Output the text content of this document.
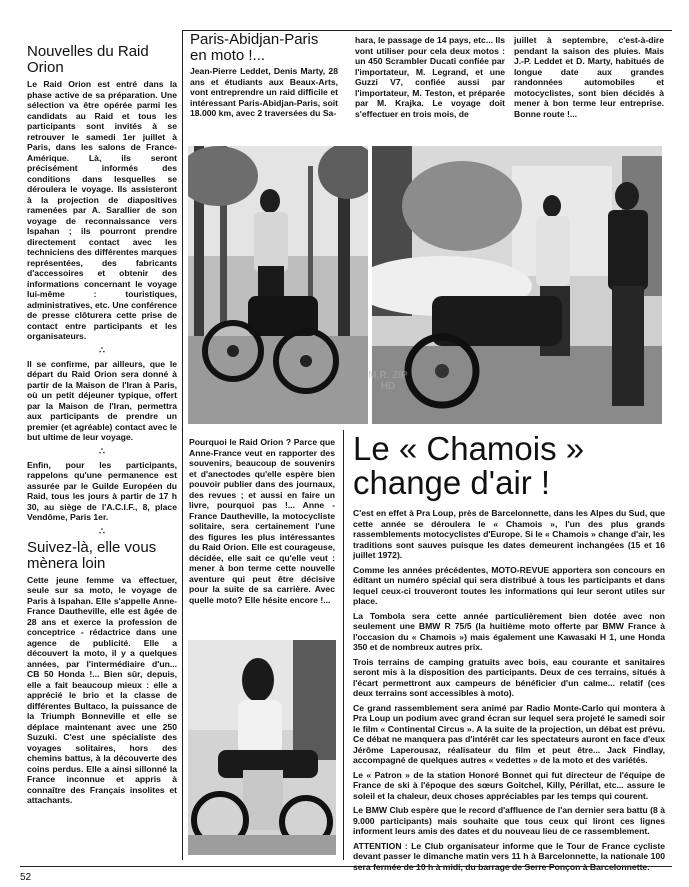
Nouvelles du Raid Orion

Le Raid Orion est entré dans la phase active de sa préparation. Une sélection va être opérée parmi les candidats au Raid et tous les participants sont invités à se retrouver le samedi 1er juillet à Paris, dans les salons de France-Amérique. Là, ils seront précisément informés des conditions dans lesquelles se déroulera le voyage. Ils assisteront à la projection de diapositives ramenées par A. Sarallier de son voyage de reconnaissance vers Ispahan ; ils pourront prendre directement contact avec les techniciens des différentes marques représentées, des fabricants d'accessoires et obtenir des informations concernant le voyage lui-même : touristiques, administratives, etc. Une conférence de presse clôturera cette prise de contact entre participants et les organisateurs.

∴

Il se confirme, par ailleurs, que le départ du Raid Orion sera donné à partir de la Maison de l'Iran à Paris, où un petit déjeuner typique, offert par la Maison de l'Iran, permettra aux participants de prendre un premier (et agréable) contact avec le but ultime de leur voyage.

∴

Enfin, pour les participants, rappelons qu'une permanence est assurée par le Guilde Européen du Raid, tous les jours à partir de 17 h 30, au siège de l'A.C.I.F., 8, place Vendôme, Paris 1er.

∴
Suivez-là, elle vous mènera loin

Cette jeune femme va effectuer, seule sur sa moto, le voyage de Paris à Ispahan. Elle s'appelle Anne-France Dautheville, elle est âgée de 28 ans et exerce la profession de conceptrice - rédactrice dans une agence de publicité. Elle a découvert la moto, il y a quelques années, par l'intermédiaire d'un... CB 50 Honda !... Bien sûr, depuis, elle a fait beaucoup mieux : elle a apprécié le brio et la classe de différentes Bultaco, la puissance de la Triumph Bonneville et elle se déplace maintenant avec une 250 Suzuki. C'est une spécialiste des voyages solitaires, hors des chemins battus, à la découverte des coins perdus. Elle a ainsi sillonné la France inconnue et appris à connaître des Français insolites et attachants.

Paris-Abidjan-Paris en moto !...

Jean-Pierre Leddet, Denis Marty, 28 ans et étudiants aux Beaux-Arts, vont entreprendre un raid difficile et intéressant Paris-Abidjan-Paris, soit 18.000 km, avec 2 traversées du Sa-

hara, le passage de 14 pays, etc... Ils vont utiliser pour cela deux motos : un 450 Scrambler Ducati confiée par l'importateur, M. Legrand, et une Guzzi V7, confiée aussi par l'importateur, M. Teston, et préparée par M. Krajka. Le voyage doit s'effectuer en trois mois, de

juillet à septembre, c'est-à-dire pendant la saison des pluies. Mais J.-P. Leddet et D. Marty, habitués de longue date aux grandes randonnées automobiles et motocyclistes, sont bien décidés à mener à bon terme leur entreprise. Bonne route !...

Pourquoi le Raid Orion ? Parce que Anne-France veut en rapporter des souvenirs, beaucoup de souvenirs et d'anectodes qu'elle espère bien pouvoir publier dans des journaux, des revues ; et aussi en faire un livre, pourquoi pas !... Anne - France Dautheville, la motocycliste solitaire, sera certainement l'une des figures les plus intéressantes du Raid Orion. Elle est courageuse, décidée, elle sait ce qu'elle veut : mener à bon terme cette nouvelle aventure qui peut être décisive pour la suite de sa carrière. Avec quelle moto? Elle hésite encore !...

Le « Chamois » change d'air !

C'est en effet à Pra Loup, près de Barcelonnette, dans les Alpes du Sud, que cette année se déroulera le « Chamois », l'un des plus grands rassemblements motocyclistes d'Europe. Si le « Chamois » change d'air, les traditions sont sauves puisque les dates demeurent inchangées (15 et 16 juillet 1972).

Comme les années précédentes, MOTO-REVUE apportera son concours en éditant un numéro spécial qui sera distribué à tous les participants et dans lequel ceux-ci trouveront toutes les informations qui leur seront utiles sur place.

La Tombola sera cette année particulièrement bien dotée avec non seulement une BMW R 75/5 (la huitième moto offerte par BMW France à l'occasion du « Chamois ») mais également une Kawasaki H 1, une Honda 350 et de nombreux autres prix.

Trois terrains de camping gratuits avec bois, eau courante et sanitaires seront mis à la disposition des participants. Deux de ces terrains, situés à l'écart permettront aux campeurs de bénéficier d'un calme... relatif (ces deux terrains sont accessibles à moto).

Ce grand rassemblement sera animé par Radio Monte-Carlo qui montera à Pra Loup un podium avec grand écran sur lequel sera projeté le samedi soir le film « Continental Circus ». A la suite de la projection, un débat est prévu. Ce débat ne manquera pas d'intérêt car les spectateurs auront en face d'eux Jérôme Laperousaz, réalisateur du film et peut être... Jack Findlay, accompagné de quelques autres « vedettes » de la moto et des variétés.

Le « Patron » de la station Honoré Bonnet qui fut directeur de l'équipe de France de ski à l'époque des sœurs Goitchel, Killy, Périllat, etc... assure le soleil et la chaleur, deux choses appréciables par les temps qui courent.

Le BMW Club espère que le record d'affluence de l'an dernier sera battu (8 à 9.000 participants) mais souhaite que tous ceux qui liront ces lignes informent leurs amis des dates et du nouveau lieu de ce rassemblement.

ATTENTION : Le Club organisateur informe que le Tour de France cycliste devant passer le dimanche matin vers 11 h à Barcelonnette, la nationale 100

M.R. ZIP HD
52
